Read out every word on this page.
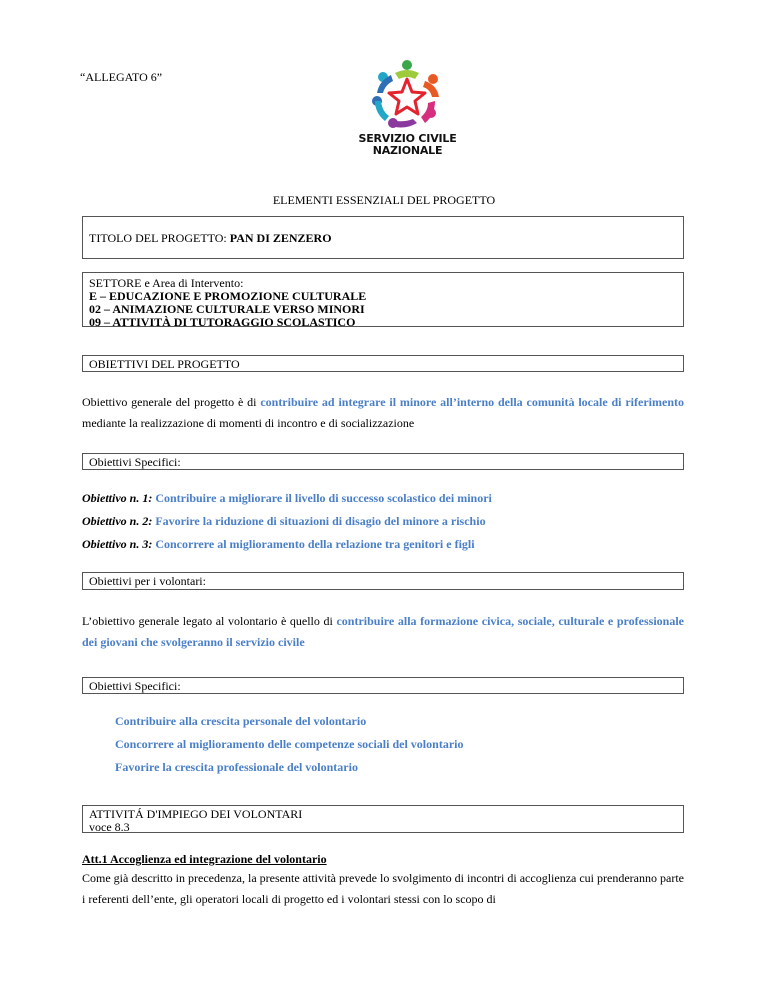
“ALLEGATO 6”
SERVIZIO CIVILE
NAZIONALE
ELEMENTI ESSENZIALI DEL PROGETTO
TITOLO DEL PROGETTO: PAN DI ZENZERO
SETTORE e Area di Intervento:
E – EDUCAZIONE E PROMOZIONE CULTURALE
02 – ANIMAZIONE CULTURALE VERSO MINORI
09 – ATTIVITÀ DI TUTORAGGIO SCOLASTICO
OBIETTIVI DEL PROGETTO
Obiettivo generale del progetto è di contribuire ad integrare il minore all’interno della comunità locale di riferimento mediante la realizzazione di momenti di incontro e di socializzazione
Obiettivi Specifici:
Obiettivo n. 1: Contribuire a migliorare il livello di successo scolastico dei minori
Obiettivo n. 2: Favorire la riduzione di situazioni di disagio del minore a rischio
Obiettivo n. 3: Concorrere al miglioramento della relazione tra genitori e figli
Obiettivi per i volontari:
L’obiettivo generale legato al volontario è quello di contribuire alla formazione civica, sociale, culturale e professionale dei giovani che svolgeranno il servizio civile
Obiettivi Specifici:
Contribuire alla crescita personale del volontario
Concorrere al miglioramento delle competenze sociali del volontario
Favorire la crescita professionale del volontario
ATTIVITÁ D'IMPIEGO DEI VOLONTARI
voce 8.3
Att.1 Accoglienza ed integrazione del volontario
Come già descritto in precedenza, la presente attività prevede lo svolgimento di incontri di accoglienza cui prenderanno parte i referenti dell’ente, gli operatori locali di progetto ed i volontari stessi con lo scopo di
